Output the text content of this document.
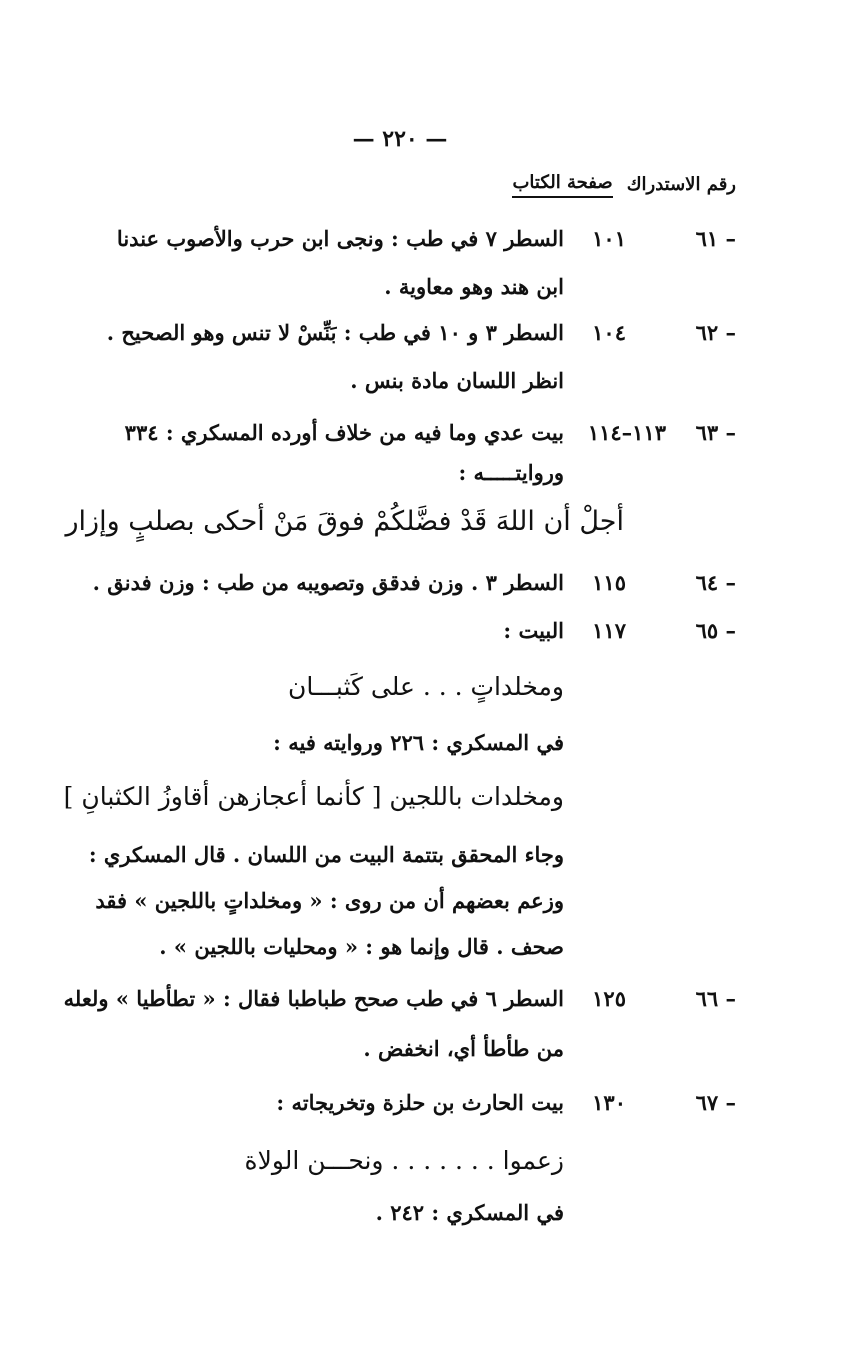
— ٢٢٠ —
رقم الاستدراك
صفحة الكتاب
٦١ –
١٠١
السطر ٧ في طب : ونجى ابن حرب والأصوب عندنا
ابن هند وهو معاوية .
٦٢ –
١٠٤
السطر ٣ و ١٠ في طب : بَنِّسْ لا تنس وهو الصحيح .
انظر اللسان مادة بنس .
٦٣ –
١١٣–١١٤
بيت عدي وما فيه من خلاف أورده المسكري : ٣٣٤
وروايتـــــه :
أجلْ أن اللهَ قَدْ فضَّلكُمْ فوقَ مَنْ أحكى بصلبٍ وإزار
٦٤ –
١١٥
السطر ٣ . وزن فدقق وتصويبه من طب : وزن فدنق .
٦٥ –
١١٧
البيت :
ومخلداتٍ . . . على كَثبـــان
في المسكري : ٢٢٦ وروايته فيه :
ومخلدات باللجين [ كأنما أعجازهن أقاوزُ الكثبانِ ]
وجاء المحقق بتتمة البيت من اللسان . قال المسكري :
وزعم بعضهم أن من روى : « ومخلداتٍ باللجين » فقد
صحف . قال وإنما هو : « ومحليات باللجين » .
٦٦ –
١٢٥
السطر ٦ في طب صحح طباطبا فقال : « تطأطيا » ولعله
من طأطأ أي، انخفض .
٦٧ –
١٣٠
بيت الحارث بن حلزة وتخريجاته :
زعموا . . . . . . . ونحـــن الولاة
في المسكري : ٢٤٢ .
